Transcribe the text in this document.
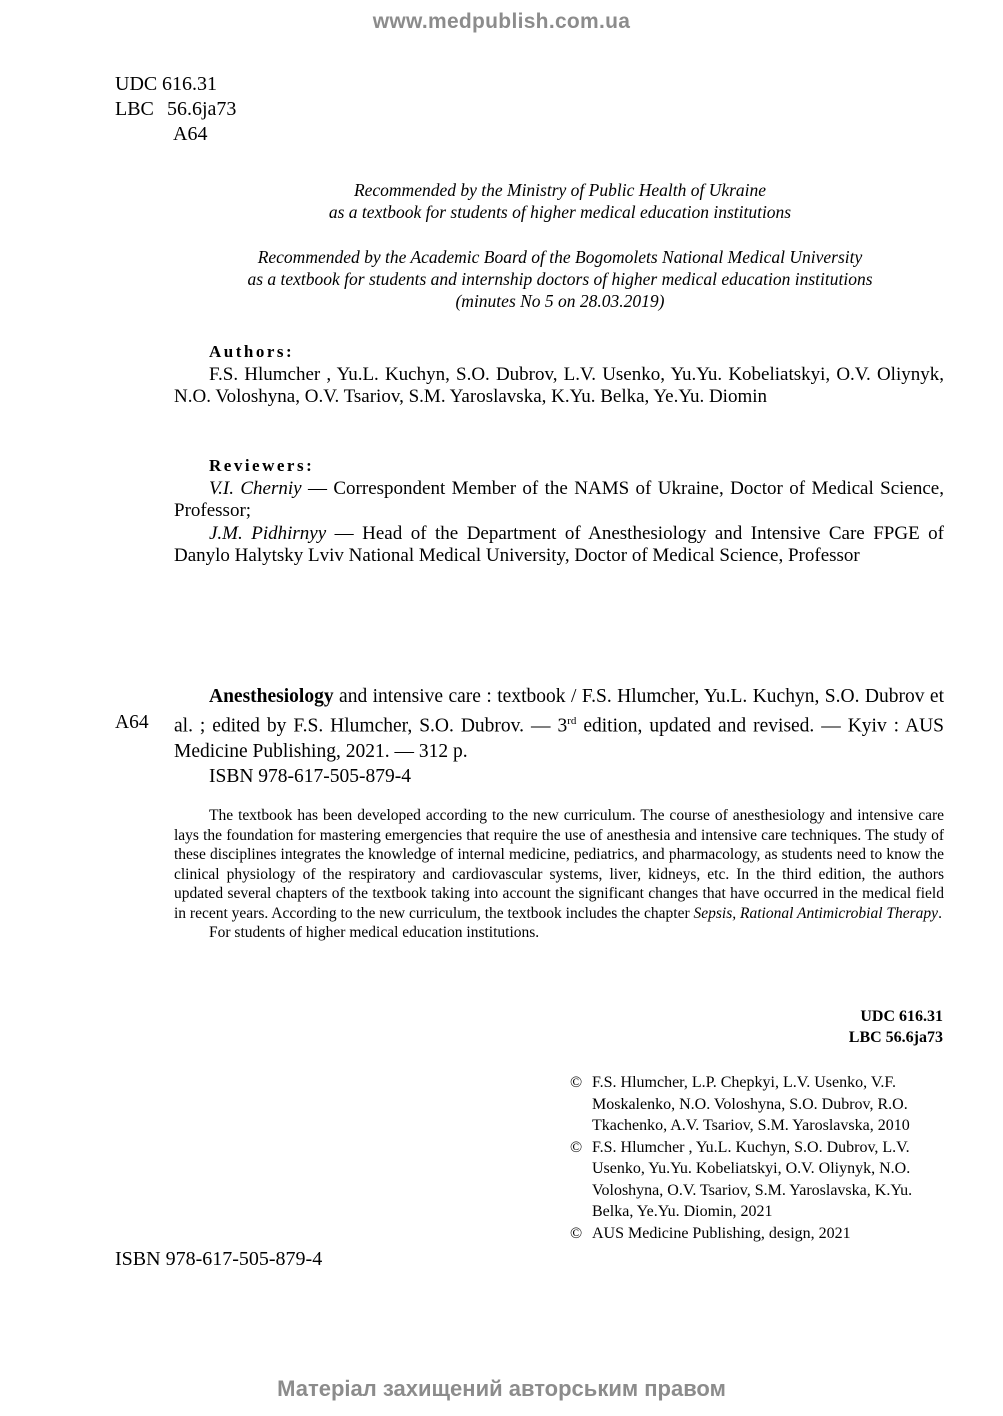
www.medpublish.com.ua
UDC 616.31
LBC 56.6ja73
A64
Recommended by the Ministry of Public Health of Ukraine
as a textbook for students of higher medical education institutions
Recommended by the Academic Board of the Bogomolets National Medical University
as a textbook for students and internship doctors of higher medical education institutions
(minutes No 5 on 28.03.2019)
Authors:
F.S. Hlumcher , Yu.L. Kuchyn, S.O. Dubrov, L.V. Usenko, Yu.Yu. Kobeliatskyi, O.V. Oliynyk, N.O. Voloshyna, O.V. Tsariov, S.M. Yaroslavska, K.Yu. Belka, Ye.Yu. Diomin
Reviewers:
V.I. Cherniy — Correspondent Member of the NAMS of Ukraine, Doctor of Medical Science, Professor;
J.M. Pidhirnyy — Head of the Department of Anesthesiology and Intensive Care FPGE of Danylo Halytsky Lviv National Medical University, Doctor of Medical Science, Professor
A64
Anesthesiology and intensive care : textbook / F.S. Hlumcher, Yu.L. Kuchyn, S.O. Dubrov et al. ; edited by F.S. Hlumcher, S.O. Dubrov. — 3rd edition, updated and revised. — Kyiv : AUS Medicine Publishing, 2021. — 312 p.
ISBN 978-617-505-879-4
The textbook has been developed according to the new curriculum. The course of anesthesiology and intensive care lays the foundation for mastering emergencies that require the use of anesthesia and intensive care techniques. The study of these disciplines integrates the knowledge of internal medicine, pediatrics, and pharmacology, as students need to know the clinical physiology of the respiratory and cardiovascular systems, liver, kidneys, etc. In the third edition, the authors updated several chapters of the textbook taking into account the significant changes that have occurred in the medical field in recent years. According to the new curriculum, the textbook includes the chapter Sepsis, Rational Antimicrobial Therapy.
For students of higher medical education institutions.
UDC 616.31
LBC 56.6ja73
© F.S. Hlumcher, L.P. Chepkyi, L.V. Usenko, V.F. Moskalenko, N.O. Voloshyna, S.O. Dubrov, R.O. Tkachenko, A.V. Tsariov, S.M. Yaroslavska, 2010
© F.S. Hlumcher , Yu.L. Kuchyn, S.O. Dubrov, L.V. Usenko, Yu.Yu. Kobeliatskyi, O.V. Oliynyk, N.O. Voloshyna, O.V. Tsariov, S.M. Yaroslavska, K.Yu. Belka, Ye.Yu. Diomin, 2021
© AUS Medicine Publishing, design, 2021
ISBN 978-617-505-879-4
Матеріал захищений авторським правом
